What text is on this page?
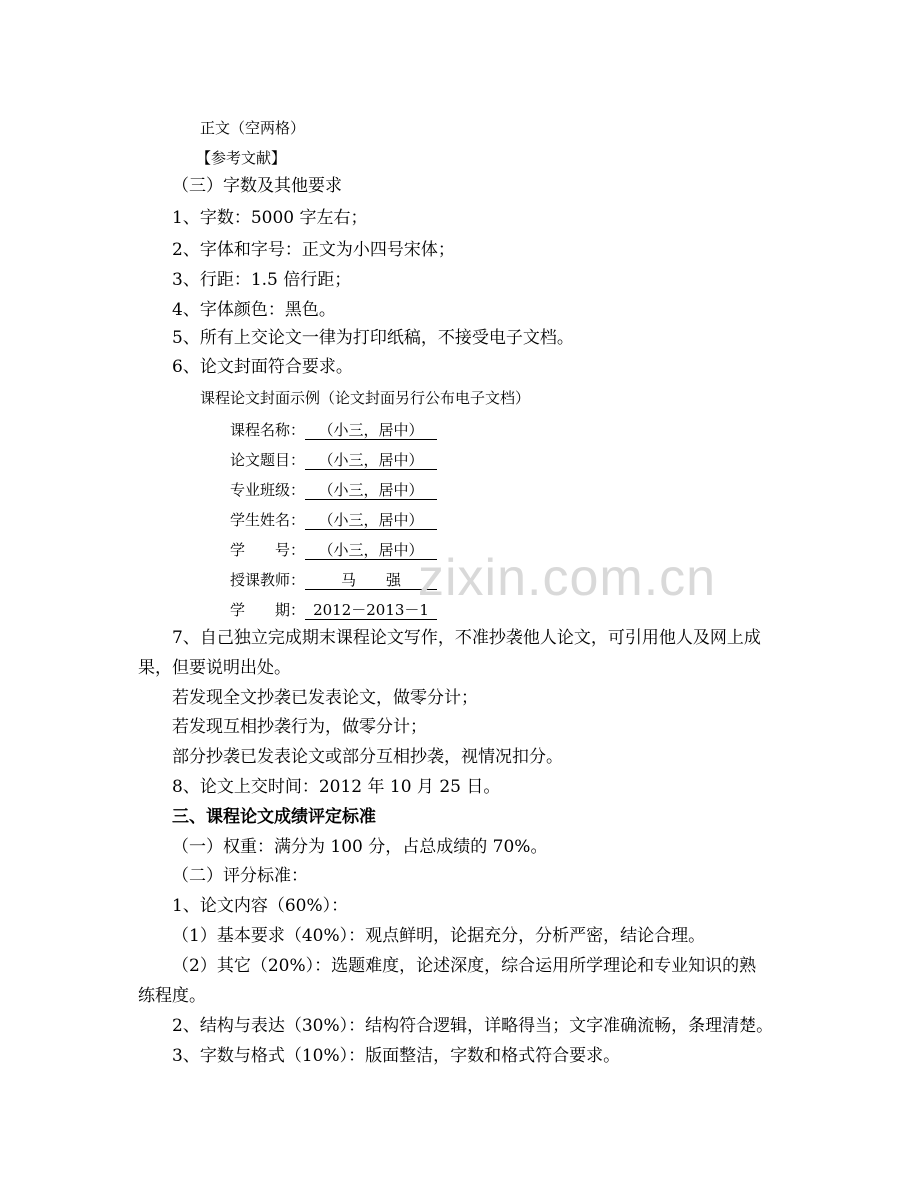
正文（空两格）
【参考文献】
（三）字数及其他要求
1、字数：5000 字左右；
2、字体和字号：正文为小四号宋体；
3、行距：1.5 倍行距；
4、字体颜色：黑色。
5、所有上交论文一律为打印纸稿，不接受电子文档。
6、论文封面符合要求。
课程论文封面示例（论文封面另行公布电子文档）
课程名称： （小三，居中）
论文题目： （小三，居中）
专业班级： （小三，居中）
学生姓名： （小三，居中）
学　　号： （小三，居中）
授课教师： 马　　强
学　　期： 2012－2013－1
zixin.com.cn
7、自己独立完成期末课程论文写作，不准抄袭他人论文，可引用他人及网上成
果，但要说明出处。
若发现全文抄袭已发表论文，做零分计；
若发现互相抄袭行为，做零分计；
部分抄袭已发表论文或部分互相抄袭，视情况扣分。
8、论文上交时间：2012 年 10 月 25 日。
三、课程论文成绩评定标准
（一）权重：满分为 100 分，占总成绩的 70%。
（二）评分标准：
1、论文内容（60%）：
（1）基本要求（40%）：观点鲜明，论据充分，分析严密，结论合理。
（2）其它（20%）：选题难度，论述深度，综合运用所学理论和专业知识的熟
练程度。
2、结构与表达（30%）：结构符合逻辑，详略得当；文字准确流畅，条理清楚。
3、字数与格式（10%）：版面整洁，字数和格式符合要求。
